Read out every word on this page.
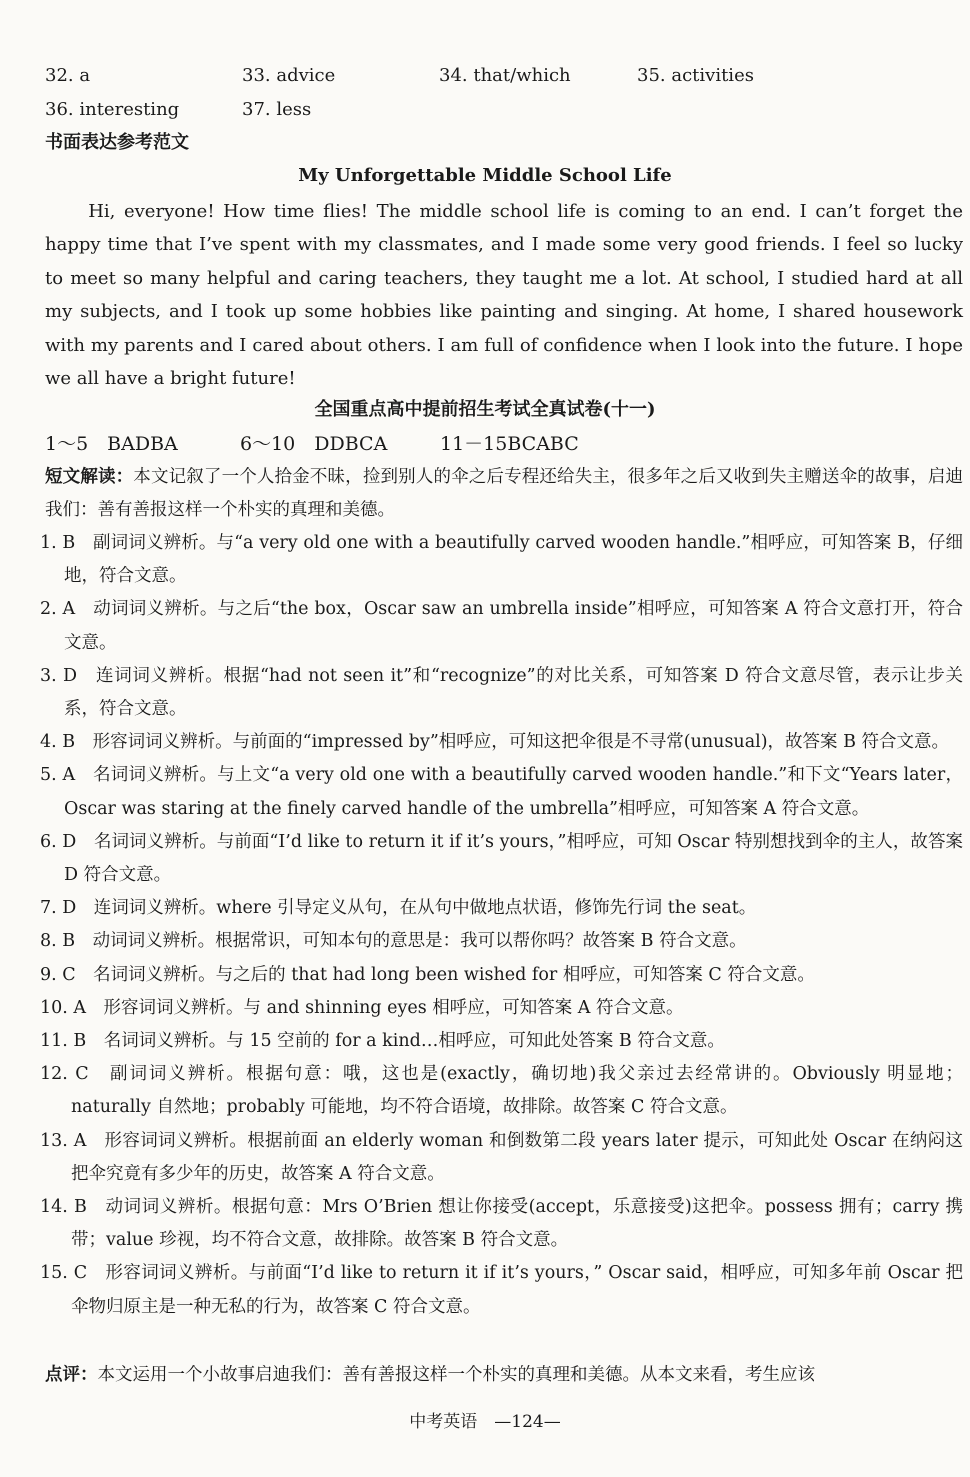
32. a	33. advice	34. that/which	35. activities
36. interesting	37. less
书面表达参考范文
My Unforgettable Middle School Life

Hi, everyone! How time flies! The middle school life is coming to an end. I can’t forget the happy time that I’ve spent with my classmates, and I made some very good friends. I feel so lucky to meet so many helpful and caring teachers, they taught me a lot. At school, I studied hard at all my subjects, and I took up some hobbies like painting and singing. At home, I shared housework with my parents and I cared about others. I am full of confidence when I look into the future. I hope we all have a bright future!

全国重点高中提前招生考试全真试卷(十一)
1～5　BADBA	6～10　DDBCA	11－15BCABC

短文解读：本文记叙了一个人拾金不昧，捡到别人的伞之后专程还给失主，很多年之后又收到失主赠送伞的故事，启迪我们：善有善报这样一个朴实的真理和美德。

1. B　 副词词义辨析。与“a very old one with a beautifully carved wooden handle.”相呼应，可知答案 B，仔细地，符合文意。
2. A　 动词词义辨析。与之后“the box，Oscar saw an umbrella inside”相呼应，可知答案 A 符合文意打开，符合文意。
3. D　 连词词义辨析。根据“had not seen it”和“recognize”的对比关系，可知答案 D 符合文意尽管，表示让步关系，符合文意。
4. B　 形容词词义辨析。与前面的“impressed by”相呼应，可知这把伞很是不寻常(unusual)，故答案 B 符合文意。
5. A　 名词词义辨析。与上文“a very old one with a beautifully carved wooden handle.”和下文“Years later，Oscar was staring at the finely carved handle of the umbrella”相呼应，可知答案 A 符合文意。
6. D　 名词词义辨析。与前面“I’d like to return it if it’s yours，”相呼应，可知 Oscar 特别想找到伞的主人，故答案 D 符合文意。
7. D　 连词词义辨析。where 引导定义从句，在从句中做地点状语，修饰先行词 the seat。
8. B　 动词词义辨析。根据常识，可知本句的意思是：我可以帮你吗？故答案 B 符合文意。
9. C　 名词词义辨析。与之后的 that had long been wished for 相呼应，可知答案 C 符合文意。
10. A　 形容词词义辨析。与 and shinning eyes 相呼应，可知答案 A 符合文意。
11. B　 名词词义辨析。与 15 空前的 for a kind…相呼应，可知此处答案 B 符合文意。
12. C　 副词词义辨析。根据句意：哦，这也是(exactly，确切地)我父亲过去经常讲的。Obviously 明显地；naturally 自然地；probably 可能地，均不符合语境，故排除。故答案 C 符合文意。
13. A　 形容词词义辨析。根据前面 an elderly woman 和倒数第二段 years later 提示，可知此处 Oscar 在纳闷这把伞究竟有多少年的历史，故答案 A 符合文意。
14. B　 动词词义辨析。根据句意：Mrs O’Brien 想让你接受(accept，乐意接受)这把伞。possess 拥有；carry 携带；value 珍视，均不符合文意，故排除。故答案 B 符合文意。
15. C　 形容词词义辨析。与前面“I’d like to return it if it’s yours，” Oscar said，相呼应，可知多年前 Oscar 把伞物归原主是一种无私的行为，故答案 C 符合文意。

点评：本文运用一个小故事启迪我们：善有善报这样一个朴实的真理和美德。从本文来看，考生应该

中考英语　—124—
